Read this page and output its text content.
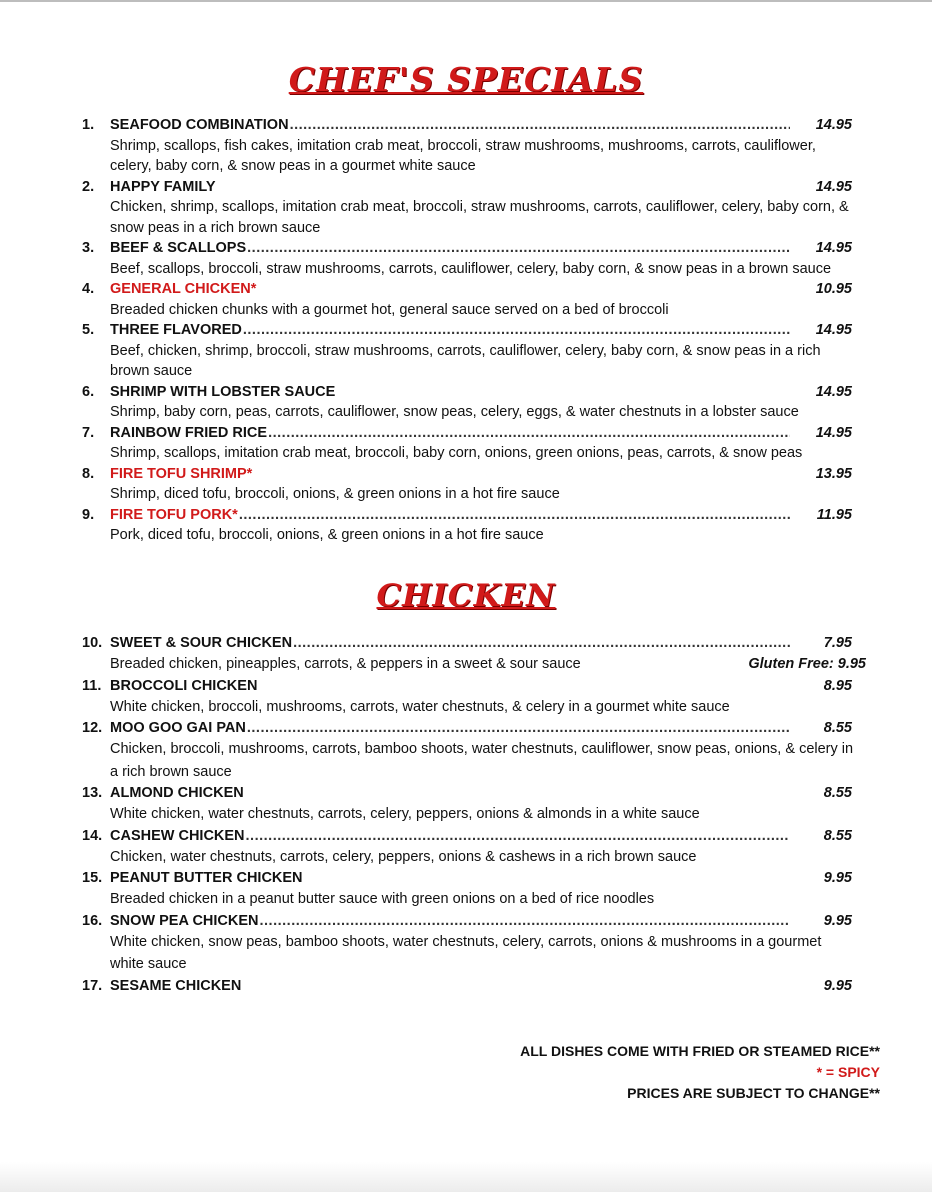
CHEF'S SPECIALS
1.	SEAFOOD COMBINATION .....	14.95
Shrimp, scallops, fish cakes, imitation crab meat, broccoli, straw mushrooms, mushrooms, carrots, cauliflower, celery, baby corn, & snow peas in a gourmet white sauce
2.	HAPPY FAMILY	14.95
Chicken, shrimp, scallops, imitation crab meat, broccoli, straw mushrooms, carrots, cauliflower, celery, baby corn, & snow peas in a rich brown sauce
3.	BEEF & SCALLOPS .....	14.95
Beef, scallops, broccoli, straw mushrooms, carrots, cauliflower, celery, baby corn, & snow peas in a brown sauce
4.	GENERAL CHICKEN*	10.95
Breaded chicken chunks with a gourmet hot, general sauce served on a bed of broccoli
5.	THREE FLAVORED .....	14.95
Beef, chicken, shrimp, broccoli, straw mushrooms, carrots, cauliflower, celery, baby corn, & snow peas in a rich brown sauce
6.	SHRIMP WITH LOBSTER SAUCE	14.95
Shrimp, baby corn, peas, carrots, cauliflower, snow peas, celery, eggs, & water chestnuts in a lobster sauce
7.	RAINBOW FRIED RICE .....	14.95
Shrimp, scallops, imitation crab meat, broccoli, baby corn, onions, green onions, peas, carrots, & snow peas
8.	FIRE TOFU SHRIMP*	13.95
Shrimp, diced tofu, broccoli, onions, & green onions in a hot fire sauce
9.	FIRE TOFU PORK* .....	11.95
Pork, diced tofu, broccoli, onions, & green onions in a hot fire sauce
CHICKEN
10. SWEET & SOUR CHICKEN .....	7.95
Breaded chicken, pineapples, carrots, & peppers in a sweet & sour sauce	Gluten Free: 9.95
11. BROCCOLI CHICKEN	8.95
White chicken, broccoli, mushrooms, carrots, water chestnuts, & celery in a gourmet white sauce
12. MOO GOO GAI PAN .....	8.55
Chicken, broccoli, mushrooms, carrots, bamboo shoots, water chestnuts, cauliflower, snow peas, onions, & celery in a rich brown sauce
13. ALMOND CHICKEN	8.55
White chicken, water chestnuts, carrots, celery, peppers, onions & almonds in a white sauce
14. CASHEW CHICKEN .....	8.55
Chicken, water chestnuts, carrots, celery, peppers, onions & cashews in a rich brown sauce
15. PEANUT BUTTER CHICKEN	9.95
Breaded chicken in a peanut butter sauce with green onions on a bed of rice noodles
16. SNOW PEA CHICKEN .....	9.95
White chicken, snow peas, bamboo shoots, water chestnuts, celery, carrots, onions & mushrooms in a gourmet white sauce
17. SESAME CHICKEN	9.95
ALL DISHES COME WITH FRIED OR STEAMED RICE**
* = SPICY
PRICES ARE SUBJECT TO CHANGE**
